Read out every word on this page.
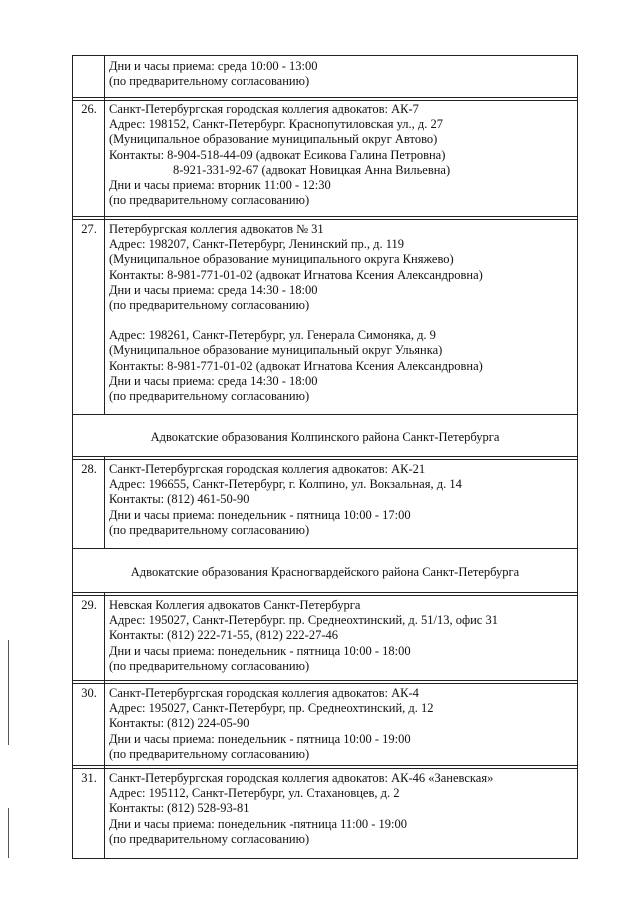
Дни и часы приема: среда 10:00 - 13:00
(по предварительному согласованию)
26. Санкт-Петербургская городская коллегия адвокатов: АК-7
Адрес: 198152, Санкт-Петербург. Краснопутиловская ул., д. 27
(Муниципальное образование муниципальный округ Автово)
Контакты: 8-904-518-44-09 (адвокат Есикова Галина Петровна)
8-921-331-92-67 (адвокат Новицкая Анна Вильевна)
Дни и часы приема: вторник 11:00 - 12:30
(по предварительному согласованию)
27. Петербургская коллегия адвокатов № 31
Адрес: 198207, Санкт-Петербург, Ленинский пр., д. 119
(Муниципальное образование муниципального округа Княжево)
Контакты: 8-981-771-01-02 (адвокат Игнатова Ксения Александровна)
Дни и часы приема: среда 14:30 - 18:00
(по предварительному согласованию)
Адрес: 198261, Санкт-Петербург, ул. Генерала Симоняка, д. 9
(Муниципальное образование муниципальный округ Ульянка)
Контакты: 8-981-771-01-02 (адвокат Игнатова Ксения Александровна)
Дни и часы приема: среда 14:30 - 18:00
(по предварительному согласованию)
Адвокатские образования Колпинского района Санкт-Петербурга
28. Санкт-Петербургская городская коллегия адвокатов: АК-21
Адрес: 196655, Санкт-Петербург, г. Колпино, ул. Вокзальная, д. 14
Контакты: (812) 461-50-90
Дни и часы приема: понедельник - пятница 10:00 - 17:00
(по предварительному согласованию)
Адвокатские образования Красногвардейского района Санкт-Петербурга
29. Невская Коллегия адвокатов Санкт-Петербурга
Адрес: 195027, Санкт-Петербург. пр. Среднеохтинский, д. 51/13, офис 31
Контакты: (812) 222-71-55, (812) 222-27-46
Дни и часы приема: понедельник - пятница 10:00 - 18:00
(по предварительному согласованию)
30. Санкт-Петербургская городская коллегия адвокатов: АК-4
Адрес: 195027, Санкт-Петербург, пр. Среднеохтинский, д. 12
Контакты: (812) 224-05-90
Дни и часы приема: понедельник - пятница 10:00 - 19:00
(по предварительному согласованию)
31. Санкт-Петербургская городская коллегия адвокатов: АК-46 «Заневская»
Адрес: 195112, Санкт-Петербург, ул. Стахановцев, д. 2
Контакты: (812) 528-93-81
Дни и часы приема: понедельник -пятница 11:00 - 19:00
(по предварительному согласованию)
